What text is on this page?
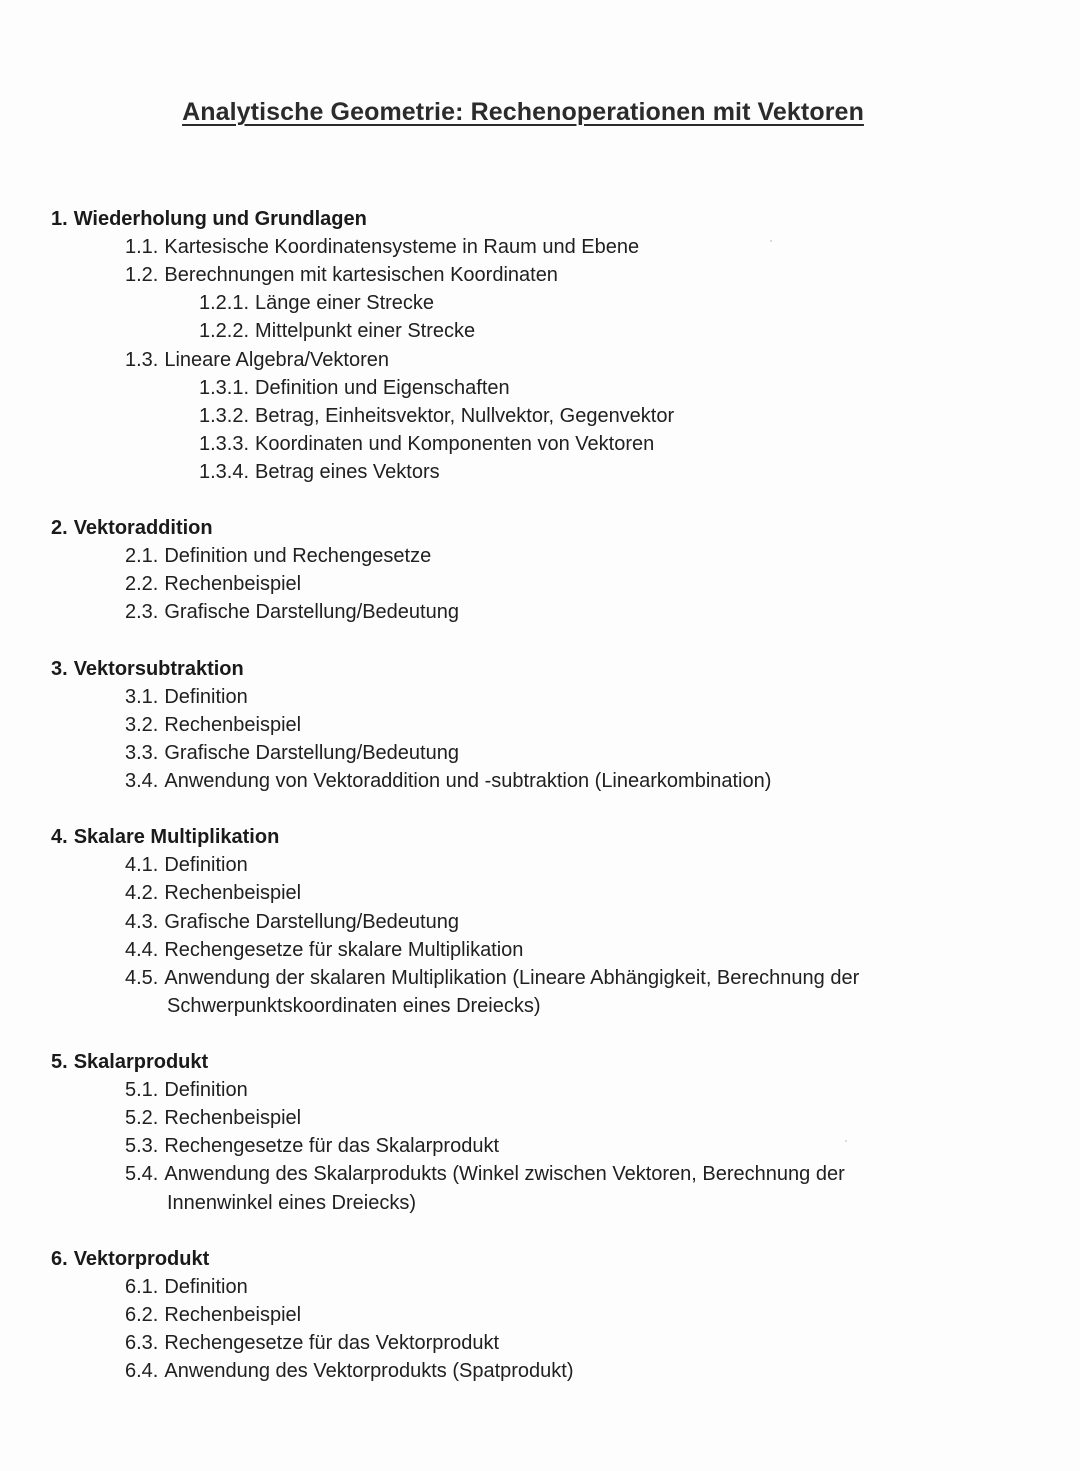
Analytische Geometrie: Rechenoperationen mit Vektoren
1. Wiederholung und Grundlagen
1.1. Kartesische Koordinatensysteme in Raum und Ebene
1.2. Berechnungen mit kartesischen Koordinaten
1.2.1. Länge einer Strecke
1.2.2. Mittelpunkt einer Strecke
1.3. Lineare Algebra/Vektoren
1.3.1. Definition und Eigenschaften
1.3.2. Betrag, Einheitsvektor, Nullvektor, Gegenvektor
1.3.3. Koordinaten und Komponenten von Vektoren
1.3.4. Betrag eines Vektors
2. Vektoraddition
2.1. Definition und Rechengesetze
2.2. Rechenbeispiel
2.3. Grafische Darstellung/Bedeutung
3. Vektorsubtraktion
3.1. Definition
3.2. Rechenbeispiel
3.3. Grafische Darstellung/Bedeutung
3.4. Anwendung von Vektoraddition und -subtraktion (Linearkombination)
4. Skalare Multiplikation
4.1. Definition
4.2. Rechenbeispiel
4.3. Grafische Darstellung/Bedeutung
4.4. Rechengesetze für skalare Multiplikation
4.5. Anwendung der skalaren Multiplikation (Lineare Abhängigkeit, Berechnung der
Schwerpunktskoordinaten eines Dreiecks)
5. Skalarprodukt
5.1. Definition
5.2. Rechenbeispiel
5.3. Rechengesetze für das Skalarprodukt
5.4. Anwendung des Skalarprodukts (Winkel zwischen Vektoren, Berechnung der
Innenwinkel eines Dreiecks)
6. Vektorprodukt
6.1. Definition
6.2. Rechenbeispiel
6.3. Rechengesetze für das Vektorprodukt
6.4. Anwendung des Vektorprodukts (Spatprodukt)
